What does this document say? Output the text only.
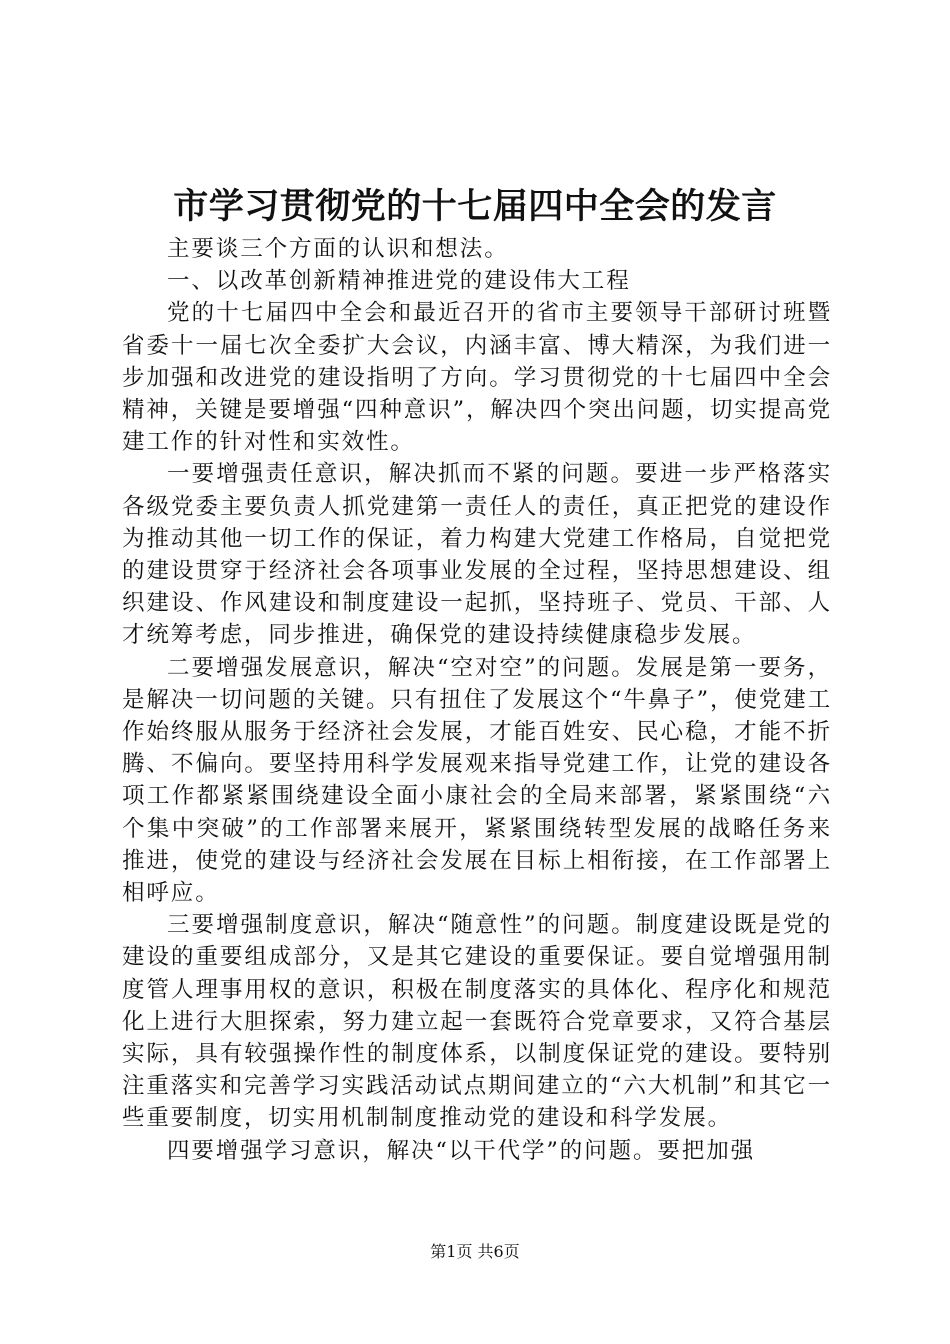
市学习贯彻党的十七届四中全会的发言

主要谈三个方面的认识和想法。

一、以改革创新精神推进党的建设伟大工程

党的十七届四中全会和最近召开的省市主要领导干部研讨班暨省委十一届七次全委扩大会议，内涵丰富、博大精深，为我们进一步加强和改进党的建设指明了方向。学习贯彻党的十七届四中全会精神，关键是要增强“四种意识”，解决四个突出问题，切实提高党建工作的针对性和实效性。

一要增强责任意识，解决抓而不紧的问题。要进一步严格落实各级党委主要负责人抓党建第一责任人的责任，真正把党的建设作为推动其他一切工作的保证，着力构建大党建工作格局，自觉把党的建设贯穿于经济社会各项事业发展的全过程，坚持思想建设、组织建设、作风建设和制度建设一起抓，坚持班子、党员、干部、人才统筹考虑，同步推进，确保党的建设持续健康稳步发展。

二要增强发展意识，解决“空对空”的问题。发展是第一要务，是解决一切问题的关键。只有扭住了发展这个“牛鼻子”，使党建工作始终服从服务于经济社会发展，才能百姓安、民心稳，才能不折腾、不偏向。要坚持用科学发展观来指导党建工作，让党的建设各项工作都紧紧围绕建设全面小康社会的全局来部署，紧紧围绕“六个集中突破”的工作部署来展开，紧紧围绕转型发展的战略任务来推进，使党的建设与经济社会发展在目标上相衔接，在工作部署上相呼应。

三要增强制度意识，解决“随意性”的问题。制度建设既是党的建设的重要组成部分，又是其它建设的重要保证。要自觉增强用制度管人理事用权的意识，积极在制度落实的具体化、程序化和规范化上进行大胆探索，努力建立起一套既符合党章要求，又符合基层实际，具有较强操作性的制度体系，以制度保证党的建设。要特别注重落实和完善学习实践活动试点期间建立的“六大机制”和其它一些重要制度，切实用机制制度推动党的建设和科学发展。

四要增强学习意识，解决“以干代学”的问题。要把加强

第1页 共6页
